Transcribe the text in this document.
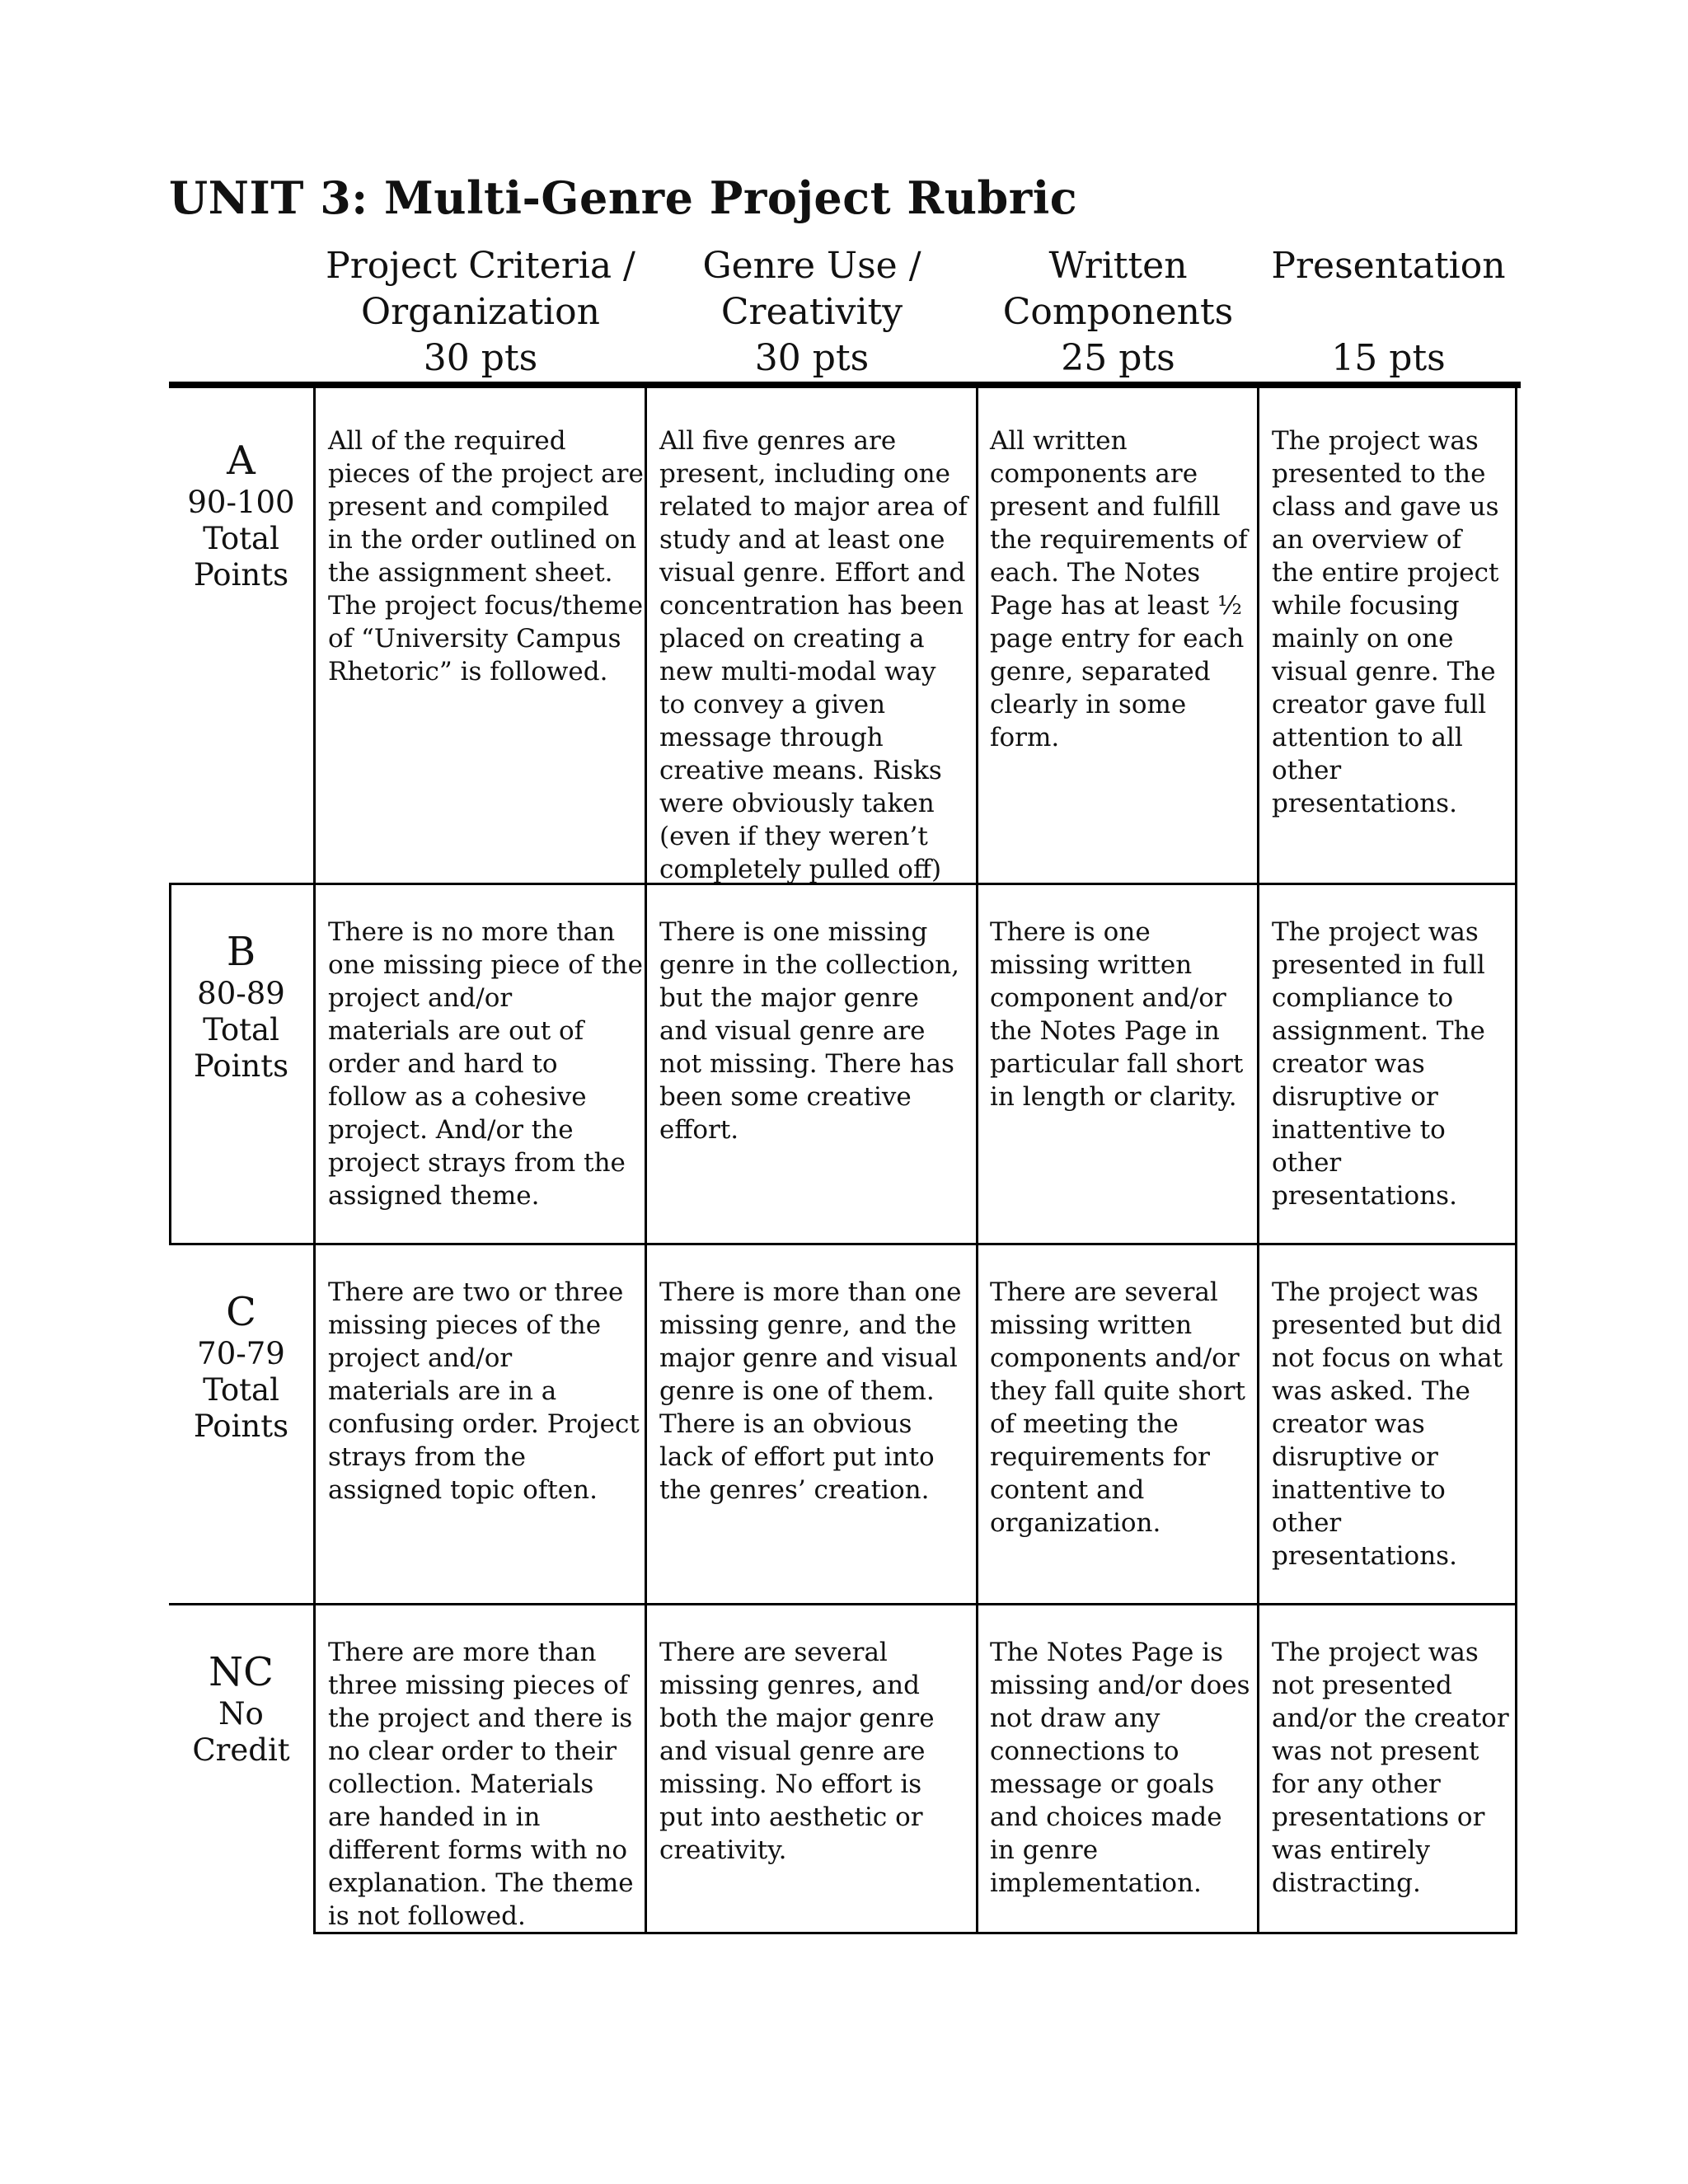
UNIT 3: Multi-Genre Project Rubric
Project Criteria /
Organization
30 pts
Genre Use /
Creativity
30 pts
Written
Components
25 pts
Presentation
15 pts
A
90-100
Total
Points
All of the required
pieces of the project are
present and compiled
in the order outlined on
the assignment sheet.
The project focus/theme
of “University Campus
Rhetoric” is followed.
All five genres are
present, including one
related to major area of
study and at least one
visual genre. Effort and
concentration has been
placed on creating a
new multi-modal way
to convey a given
message through
creative means. Risks
were obviously taken
(even if they weren’t
completely pulled off)
All written
components are
present and fulfill
the requirements of
each. The Notes
Page has at least ½
page entry for each
genre, separated
clearly in some
form.
The project was
presented to the
class and gave us
an overview of
the entire project
while focusing
mainly on one
visual genre. The
creator gave full
attention to all
other
presentations.
B
80-89
Total
Points
There is no more than
one missing piece of the
project and/or
materials are out of
order and hard to
follow as a cohesive
project. And/or the
project strays from the
assigned theme.
There is one missing
genre in the collection,
but the major genre
and visual genre are
not missing. There has
been some creative
effort.
There is one
missing written
component and/or
the Notes Page in
particular fall short
in length or clarity.
The project was
presented in full
compliance to
assignment. The
creator was
disruptive or
inattentive to
other
presentations.
C
70-79
Total
Points
There are two or three
missing pieces of the
project and/or
materials are in a
confusing order. Project
strays from the
assigned topic often.
There is more than one
missing genre, and the
major genre and visual
genre is one of them.
There is an obvious
lack of effort put into
the genres’ creation.
There are several
missing written
components and/or
they fall quite short
of meeting the
requirements for
content and
organization.
The project was
presented but did
not focus on what
was asked. The
creator was
disruptive or
inattentive to
other
presentations.
NC
No
Credit
There are more than
three missing pieces of
the project and there is
no clear order to their
collection. Materials
are handed in in
different forms with no
explanation. The theme
is not followed.
There are several
missing genres, and
both the major genre
and visual genre are
missing. No effort is
put into aesthetic or
creativity.
The Notes Page is
missing and/or does
not draw any
connections to
message or goals
and choices made
in genre
implementation.
The project was
not presented
and/or the creator
was not present
for any other
presentations or
was entirely
distracting.
